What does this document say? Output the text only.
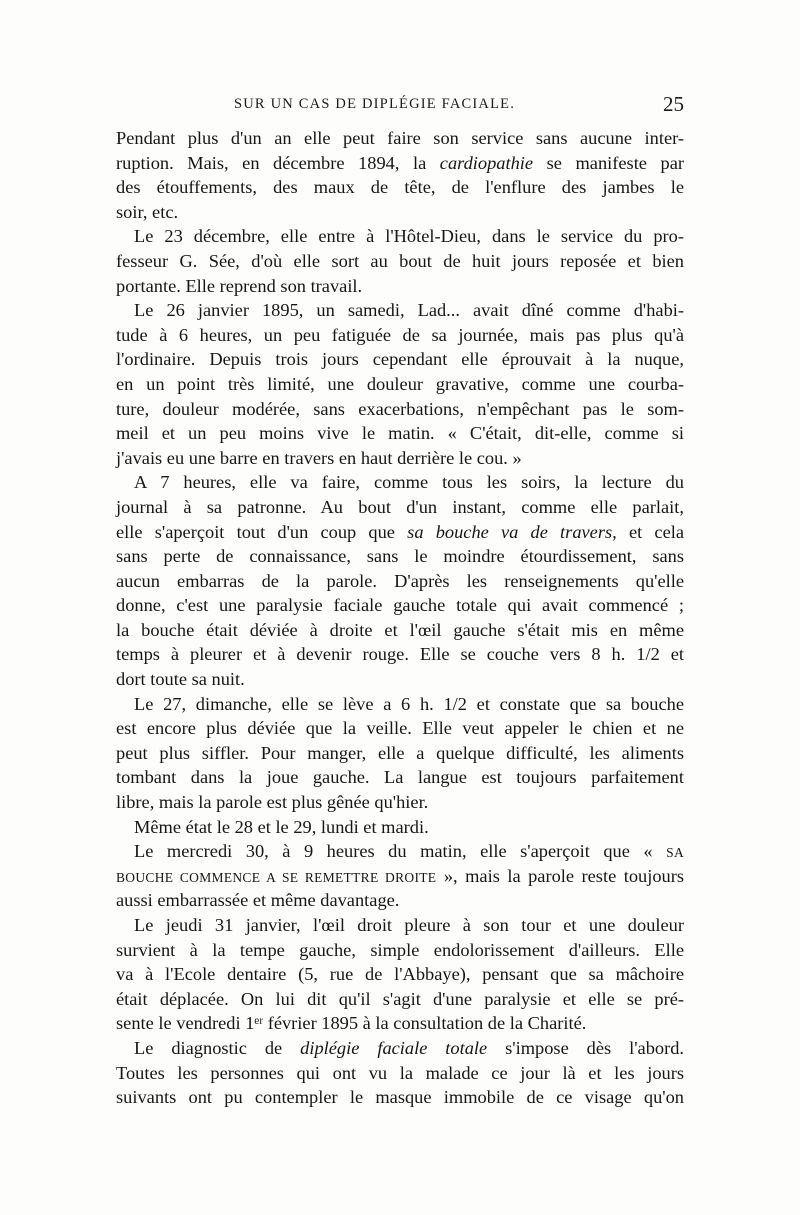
SUR UN CAS DE DIPLÉGIE FACIALE.	25
Pendant plus d'un an elle peut faire son service sans aucune inter-
ruption. Mais, en décembre 1894, la cardiopathie se manifeste par
des étouffements, des maux de tête, de l'enflure des jambes le
soir, etc.
Le 23 décembre, elle entre à l'Hôtel-Dieu, dans le service du pro-
fesseur G. Sée, d'où elle sort au bout de huit jours reposée et bien
portante. Elle reprend son travail.
Le 26 janvier 1895, un samedi, Lad... avait dîné comme d'habi-
tude à 6 heures, un peu fatiguée de sa journée, mais pas plus qu'à
l'ordinaire. Depuis trois jours cependant elle éprouvait à la nuque,
en un point très limité, une douleur gravative, comme une courba-
ture, douleur modérée, sans exacerbations, n'empêchant pas le som-
meil et un peu moins vive le matin. « C'était, dit-elle, comme si
j'avais eu une barre en travers en haut derrière le cou. »
A 7 heures, elle va faire, comme tous les soirs, la lecture du
journal à sa patronne. Au bout d'un instant, comme elle parlait,
elle s'aperçoit tout d'un coup que sa bouche va de travers, et cela
sans perte de connaissance, sans le moindre étourdissement, sans
aucun embarras de la parole. D'après les renseignements qu'elle
donne, c'est une paralysie faciale gauche totale qui avait commencé ;
la bouche était déviée à droite et l'œil gauche s'était mis en même
temps à pleurer et à devenir rouge. Elle se couche vers 8 h. 1/2 et
dort toute sa nuit.
Le 27, dimanche, elle se lève a 6 h. 1/2 et constate que sa bouche
est encore plus déviée que la veille. Elle veut appeler le chien et ne
peut plus siffler. Pour manger, elle a quelque difficulté, les aliments
tombant dans la joue gauche. La langue est toujours parfaitement
libre, mais la parole est plus gênée qu'hier.
Même état le 28 et le 29, lundi et mardi.
Le mercredi 30, à 9 heures du matin, elle s'aperçoit que « SA
BOUCHE COMMENCE A SE REMETTRE DROITE », mais la parole reste toujours
aussi embarrassée et même davantage.
Le jeudi 31 janvier, l'œil droit pleure à son tour et une douleur
survient à la tempe gauche, simple endolorissement d'ailleurs. Elle
va à l'Ecole dentaire (5, rue de l'Abbaye), pensant que sa mâchoire
était déplacée. On lui dit qu'il s'agit d'une paralysie et elle se pré-
sente le vendredi 1ᵉʳ février 1895 à la consultation de la Charité.
Le diagnostic de diplégie faciale totale s'impose dès l'abord.
Toutes les personnes qui ont vu la malade ce jour là et les jours
suivants ont pu contempler le masque immobile de ce visage qu'on
